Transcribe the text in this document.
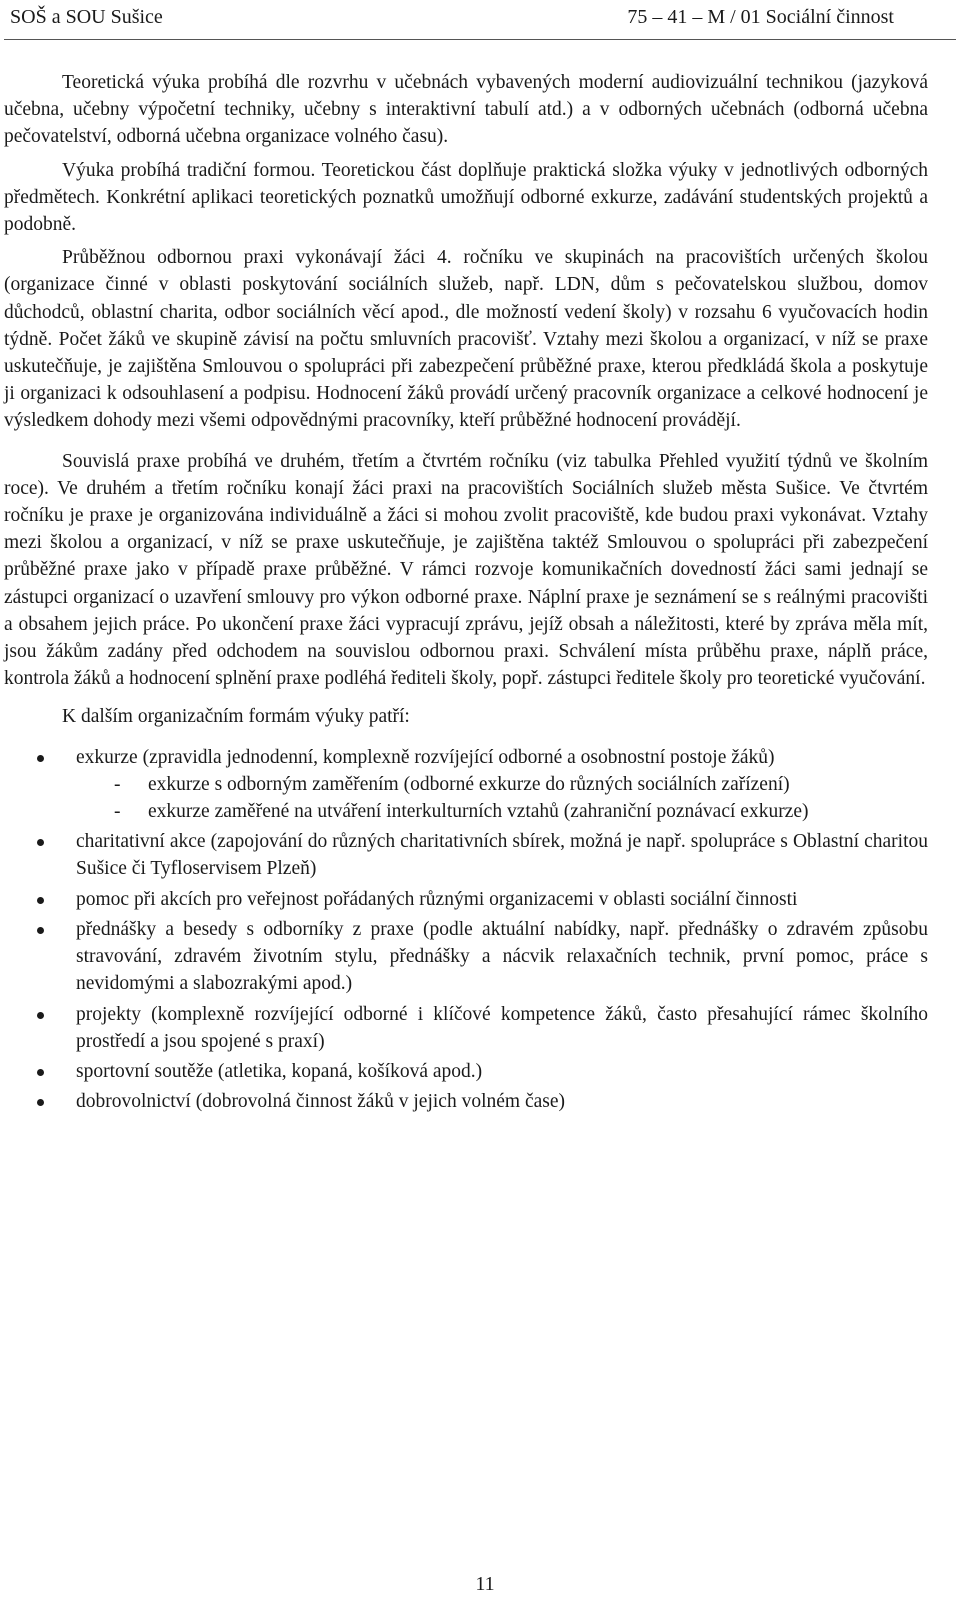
SOŠ a SOU Sušice	75 – 41 – M / 01 Sociální činnost

Teoretická výuka probíhá dle rozvrhu v učebnách vybavených moderní audiovizuální technikou (jazyková učebna, učebny výpočetní techniky, učebny s interaktivní tabulí atd.) a v odborných učebnách (odborná učebna pečovatelství, odborná učebna organizace volného času).

Výuka probíhá tradiční formou. Teoretickou část doplňuje praktická složka výuky v jednotlivých odborných předmětech. Konkrétní aplikaci teoretických poznatků umožňují odborné exkurze, zadávání studentských projektů a podobně.

Průběžnou odbornou praxi vykonávají žáci 4. ročníku ve skupinách na pracovištích určených školou (organizace činné v oblasti poskytování sociálních služeb, např. LDN, dům s pečovatelskou službou, domov důchodců, oblastní charita, odbor sociálních věcí apod., dle možností vedení školy) v rozsahu 6 vyučovacích hodin týdně. Počet žáků ve skupině závisí na počtu smluvních pracovišť. Vztahy mezi školou a organizací, v níž se praxe uskutečňuje, je zajištěna Smlouvou o spolupráci při zabezpečení průběžné praxe, kterou předkládá škola a poskytuje ji organizaci k odsouhlasení a podpisu. Hodnocení žáků provádí určený pracovník organizace a celkové hodnocení je výsledkem dohody mezi všemi odpovědnými pracovníky, kteří průběžné hodnocení provádějí.

Souvislá praxe probíhá ve druhém, třetím a čtvrtém ročníku (viz tabulka Přehled využití týdnů ve školním roce). Ve druhém a třetím ročníku konají žáci praxi na pracovištích Sociálních služeb města Sušice. Ve čtvrtém ročníku je praxe je organizována individuálně a žáci si mohou zvolit pracoviště, kde budou praxi vykonávat. Vztahy mezi školou a organizací, v níž se praxe uskutečňuje, je zajištěna taktéž Smlouvou o spolupráci při zabezpečení průběžné praxe jako v případě praxe průběžné. V rámci rozvoje komunikačních dovedností žáci sami jednají se zástupci organizací o uzavření smlouvy pro výkon odborné praxe. Náplní praxe je seznámení se s reálnými pracovišti a obsahem jejich práce. Po ukončení praxe žáci vypracují zprávu, jejíž obsah a náležitosti, které by zpráva měla mít, jsou žákům zadány před odchodem na souvislou odbornou praxi. Schválení místa průběhu praxe, náplň práce, kontrola žáků a hodnocení splnění praxe podléhá řediteli školy, popř. zástupci ředitele školy pro teoretické vyučování.

K dalším organizačním formám výuky patří:

exkurze (zpravidla jednodenní, komplexně rozvíjející odborné a osobnostní postoje žáků)
- exkurze s odborným zaměřením (odborné exkurze do různých sociálních zařízení)
- exkurze zaměřené na utváření interkulturních vztahů (zahraniční poznávací exkurze)
charitativní akce (zapojování do různých charitativních sbírek, možná je např. spolupráce s Oblastní charitou Sušice či Tyfloservisem Plzeň)
pomoc při akcích pro veřejnost pořádaných různými organizacemi v oblasti sociální činnosti
přednášky a besedy s odborníky z praxe (podle aktuální nabídky, např. přednášky o zdravém způsobu stravování, zdravém životním stylu, přednášky a nácvik relaxačních technik, první pomoc, práce s nevidomými a slabozrakými apod.)
projekty (komplexně rozvíjející odborné i klíčové kompetence žáků, často přesahující rámec školního prostředí a jsou spojené s praxí)
sportovní soutěže (atletika, kopaná, košíková apod.)
dobrovolnictví (dobrovolná činnost žáků v jejich volném čase)
11
